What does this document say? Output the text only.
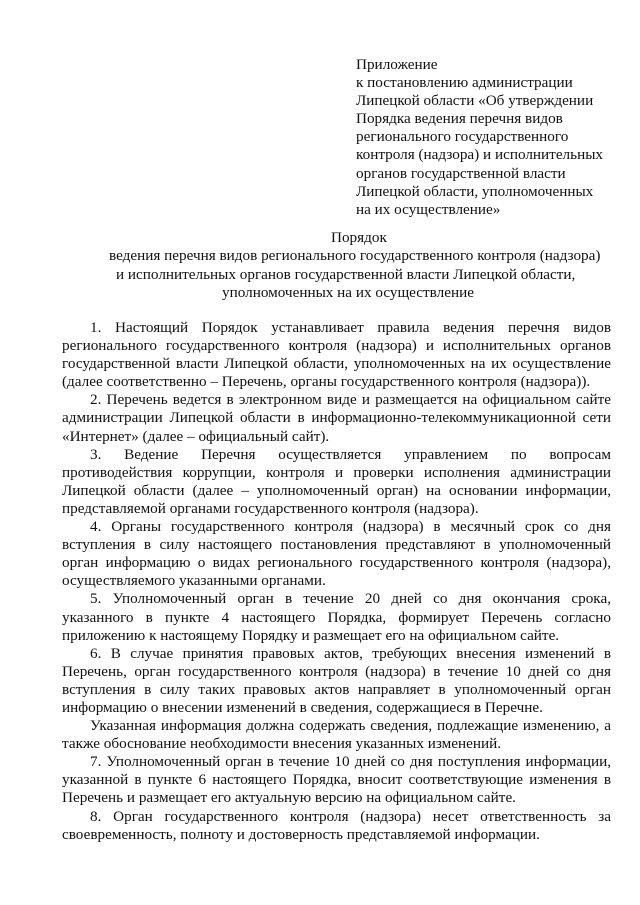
Приложение
к постановлению администрации
Липецкой области «Об утверждении
Порядка ведения перечня видов
регионального государственного
контроля (надзора) и исполнительных
органов государственной власти
Липецкой области, уполномоченных
на их осуществление»
Порядок
ведения перечня видов регионального государственного контроля (надзора)
и исполнительных органов государственной власти Липецкой области,
уполномоченных на их осуществление

1. Настоящий Порядок устанавливает правила ведения перечня видов регионального государственного контроля (надзора) и исполнительных органов государственной власти Липецкой области, уполномоченных на их осуществление (далее соответственно – Перечень, органы государственного контроля (надзора)).

2. Перечень ведется в электронном виде и размещается на официальном сайте администрации Липецкой области в информационно-телекоммуникационной сети «Интернет» (далее – официальный сайт).

3. Ведение Перечня осуществляется управлением по вопросам противодействия коррупции, контроля и проверки исполнения администрации Липецкой области (далее – уполномоченный орган) на основании информации, представляемой органами государственного контроля (надзора).

4. Органы государственного контроля (надзора) в месячный срок со дня вступления в силу настоящего постановления представляют в уполномоченный орган информацию о видах регионального государственного контроля (надзора), осуществляемого указанными органами.

5. Уполномоченный орган в течение 20 дней со дня окончания срока, указанного в пункте 4 настоящего Порядка, формирует Перечень согласно приложению к настоящему Порядку и размещает его на официальном сайте.

6. В случае принятия правовых актов, требующих внесения изменений в Перечень, орган государственного контроля (надзора) в течение 10 дней со дня вступления в силу таких правовых актов направляет в уполномоченный орган информацию о внесении изменений в сведения, содержащиеся в Перечне.

Указанная информация должна содержать сведения, подлежащие изменению, а также обоснование необходимости внесения указанных изменений.

7. Уполномоченный орган в течение 10 дней со дня поступления информации, указанной в пункте 6 настоящего Порядка, вносит соответствующие изменения в Перечень и размещает его актуальную версию на официальном сайте.

8. Орган государственного контроля (надзора) несет ответственность за своевременность, полноту и достоверность представляемой информации.
